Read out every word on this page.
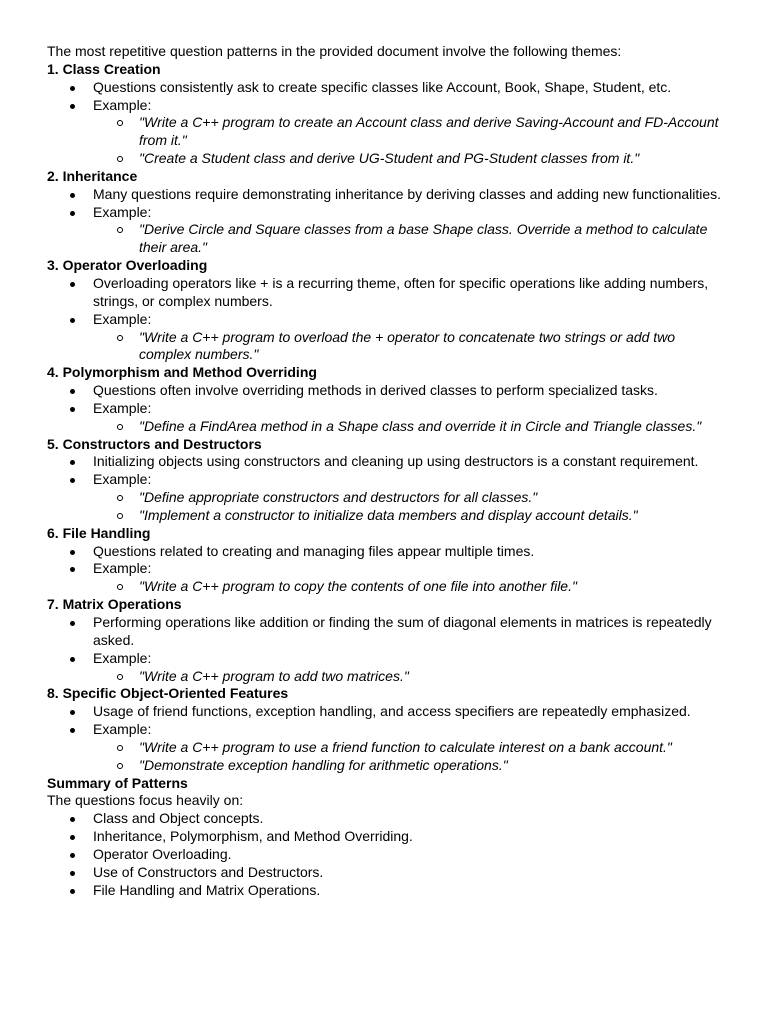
The most repetitive question patterns in the provided document involve the following themes:

1. Class Creation

Questions consistently ask to create specific classes like Account, Book, Shape, Student, etc.
Example:
"Write a C++ program to create an Account class and derive Saving-Account and FD-Account from it."
"Create a Student class and derive UG-Student and PG-Student classes from it."

2. Inheritance

Many questions require demonstrating inheritance by deriving classes and adding new functionalities.
Example:
"Derive Circle and Square classes from a base Shape class. Override a method to calculate their area."

3. Operator Overloading

Overloading operators like + is a recurring theme, often for specific operations like adding numbers, strings, or complex numbers.
Example:
"Write a C++ program to overload the + operator to concatenate two strings or add two complex numbers."

4. Polymorphism and Method Overriding

Questions often involve overriding methods in derived classes to perform specialized tasks.
Example:
"Define a FindArea method in a Shape class and override it in Circle and Triangle classes."

5. Constructors and Destructors

Initializing objects using constructors and cleaning up using destructors is a constant requirement.
Example:
"Define appropriate constructors and destructors for all classes."
"Implement a constructor to initialize data members and display account details."

6. File Handling

Questions related to creating and managing files appear multiple times.
Example:
"Write a C++ program to copy the contents of one file into another file."

7. Matrix Operations

Performing operations like addition or finding the sum of diagonal elements in matrices is repeatedly asked.
Example:
"Write a C++ program to add two matrices."

8. Specific Object-Oriented Features

Usage of friend functions, exception handling, and access specifiers are repeatedly emphasized.
Example:
"Write a C++ program to use a friend function to calculate interest on a bank account."
"Demonstrate exception handling for arithmetic operations."

Summary of Patterns

The questions focus heavily on:

Class and Object concepts.
Inheritance, Polymorphism, and Method Overriding.
Operator Overloading.
Use of Constructors and Destructors.
File Handling and Matrix Operations.
